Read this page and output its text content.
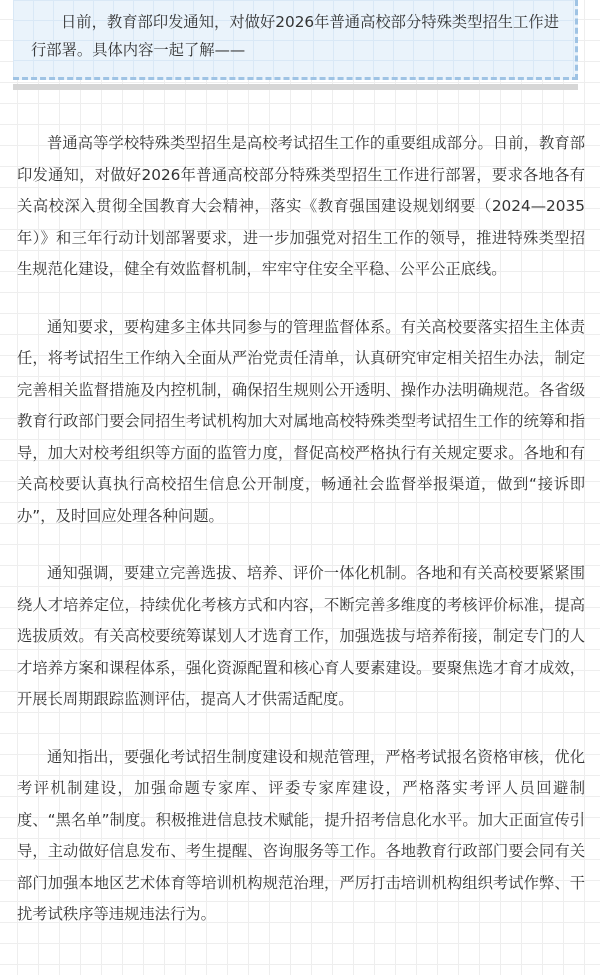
日前，教育部印发通知，对做好2026年普通高校部分特殊类型招生工作进行部署。具体内容一起了解——

普通高等学校特殊类型招生是高校考试招生工作的重要组成部分。日前，教育部印发通知，对做好2026年普通高校部分特殊类型招生工作进行部署，要求各地各有关高校深入贯彻全国教育大会精神，落实《教育强国建设规划纲要（2024—2035年）》和三年行动计划部署要求，进一步加强党对招生工作的领导，推进特殊类型招生规范化建设，健全有效监督机制，牢牢守住安全平稳、公平公正底线。

通知要求，要构建多主体共同参与的管理监督体系。有关高校要落实招生主体责任，将考试招生工作纳入全面从严治党责任清单，认真研究审定相关招生办法，制定完善相关监督措施及内控机制，确保招生规则公开透明、操作办法明确规范。各省级教育行政部门要会同招生考试机构加大对属地高校特殊类型考试招生工作的统筹和指导，加大对校考组织等方面的监管力度，督促高校严格执行有关规定要求。各地和有关高校要认真执行高校招生信息公开制度，畅通社会监督举报渠道，做到“接诉即办”，及时回应处理各种问题。

通知强调，要建立完善选拔、培养、评价一体化机制。各地和有关高校要紧紧围绕人才培养定位，持续优化考核方式和内容，不断完善多维度的考核评价标准，提高选拔质效。有关高校要统筹谋划人才选育工作，加强选拔与培养衔接，制定专门的人才培养方案和课程体系，强化资源配置和核心育人要素建设。要聚焦选才育才成效，开展长周期跟踪监测评估，提高人才供需适配度。

通知指出，要强化考试招生制度建设和规范管理，严格考试报名资格审核，优化考评机制建设，加强命题专家库、评委专家库建设，严格落实考评人员回避制度、“黑名单”制度。积极推进信息技术赋能，提升招考信息化水平。加大正面宣传引导，主动做好信息发布、考生提醒、咨询服务等工作。各地教育行政部门要会同有关部门加强本地区艺术体育等培训机构规范治理，严厉打击培训机构组织考试作弊、干扰考试秩序等违规违法行为。
